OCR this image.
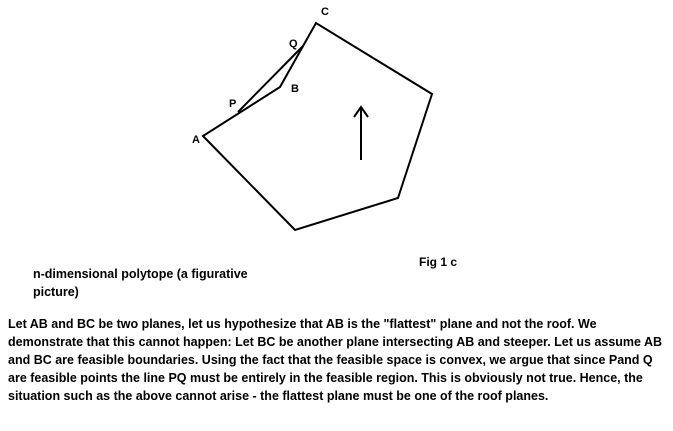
C
Q
B
P
A
Fig 1 c
n-dimensional polytope (a figurative picture)

Let AB and BC be two planes, let us hypothesize that AB is the "flattest" plane and not the roof. We demonstrate that this cannot happen: Let BC be another plane intersecting AB and steeper. Let us assume AB and BC are feasible boundaries. Using the fact that the feasible space is convex, we argue that since Pand Q are feasible points the line PQ must be entirely in the feasible region. This is obviously not true. Hence, the situation such as the above cannot arise - the flattest plane must be one of the roof planes.
